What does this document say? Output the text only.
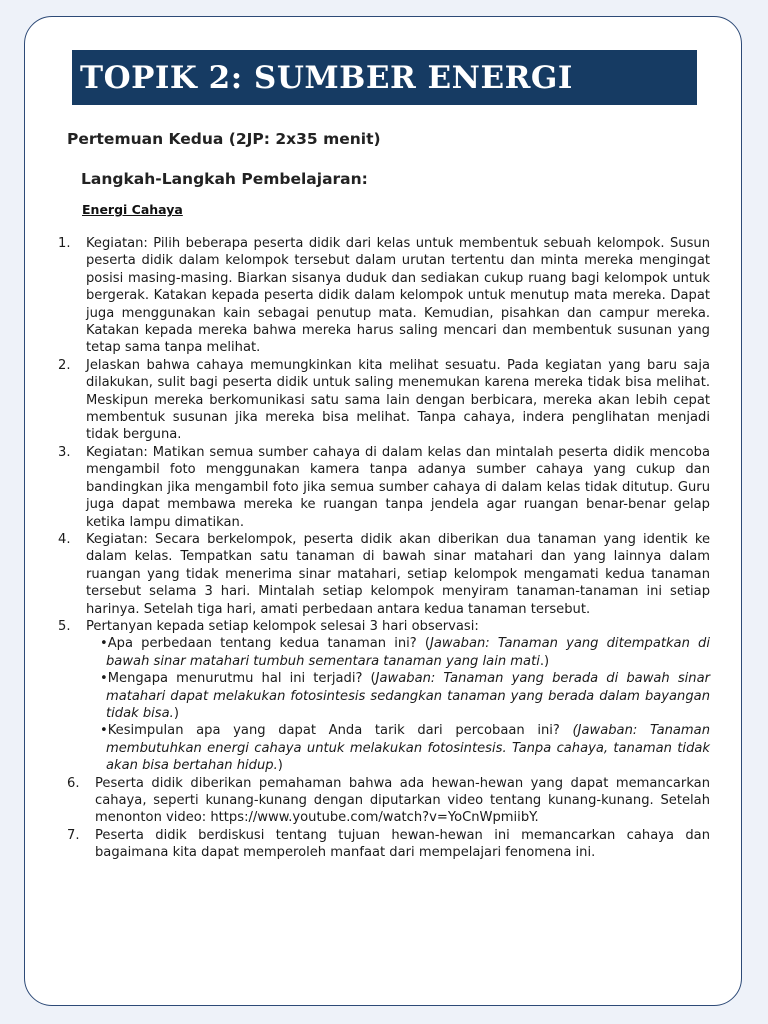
TOPIK 2: SUMBER ENERGI
Pertemuan Kedua (2JP: 2x35 menit)
Langkah-Langkah Pembelajaran:
Energi Cahaya
1. Kegiatan: Pilih beberapa peserta didik dari kelas untuk membentuk sebuah kelompok. Susun peserta didik dalam kelompok tersebut dalam urutan tertentu dan minta mereka mengingat posisi masing-masing. Biarkan sisanya duduk dan sediakan cukup ruang bagi kelompok untuk bergerak. Katakan kepada peserta didik dalam kelompok untuk menutup mata mereka. Dapat juga menggunakan kain sebagai penutup mata. Kemudian, pisahkan dan campur mereka. Katakan kepada mereka bahwa mereka harus saling mencari dan membentuk susunan yang tetap sama tanpa melihat.
2. Jelaskan bahwa cahaya memungkinkan kita melihat sesuatu. Pada kegiatan yang baru saja dilakukan, sulit bagi peserta didik untuk saling menemukan karena mereka tidak bisa melihat. Meskipun mereka berkomunikasi satu sama lain dengan berbicara, mereka akan lebih cepat membentuk susunan jika mereka bisa melihat. Tanpa cahaya, indera penglihatan menjadi tidak berguna.
3. Kegiatan: Matikan semua sumber cahaya di dalam kelas dan mintalah peserta didik mencoba mengambil foto menggunakan kamera tanpa adanya sumber cahaya yang cukup dan bandingkan jika mengambil foto jika semua sumber cahaya di dalam kelas tidak ditutup. Guru juga dapat membawa mereka ke ruangan tanpa jendela agar ruangan benar-benar gelap ketika lampu dimatikan.
4. Kegiatan: Secara berkelompok, peserta didik akan diberikan dua tanaman yang identik ke dalam kelas. Tempatkan satu tanaman di bawah sinar matahari dan yang lainnya dalam ruangan yang tidak menerima sinar matahari, setiap kelompok mengamati kedua tanaman tersebut selama 3 hari. Mintalah setiap kelompok menyiram tanaman-tanaman ini setiap harinya. Setelah tiga hari, amati perbedaan antara kedua tanaman tersebut.
5. Pertanyan kepada setiap kelompok selesai 3 hari observasi:
•Apa perbedaan tentang kedua tanaman ini? (Jawaban: Tanaman yang ditempatkan di bawah sinar matahari tumbuh sementara tanaman yang lain mati.)
•Mengapa menurutmu hal ini terjadi? (Jawaban: Tanaman yang berada di bawah sinar matahari dapat melakukan fotosintesis sedangkan tanaman yang berada dalam bayangan tidak bisa.)
•Kesimpulan apa yang dapat Anda tarik dari percobaan ini? (Jawaban: Tanaman membutuhkan energi cahaya untuk melakukan fotosintesis. Tanpa cahaya, tanaman tidak akan bisa bertahan hidup.)
6. Peserta didik diberikan pemahaman bahwa ada hewan-hewan yang dapat memancarkan cahaya, seperti kunang-kunang dengan diputarkan video tentang kunang-kunang. Setelah menonton video: https://www.youtube.com/watch?v=YoCnWpmiibY.
7. Peserta didik berdiskusi tentang tujuan hewan-hewan ini memancarkan cahaya dan bagaimana kita dapat memperoleh manfaat dari mempelajari fenomena ini.
